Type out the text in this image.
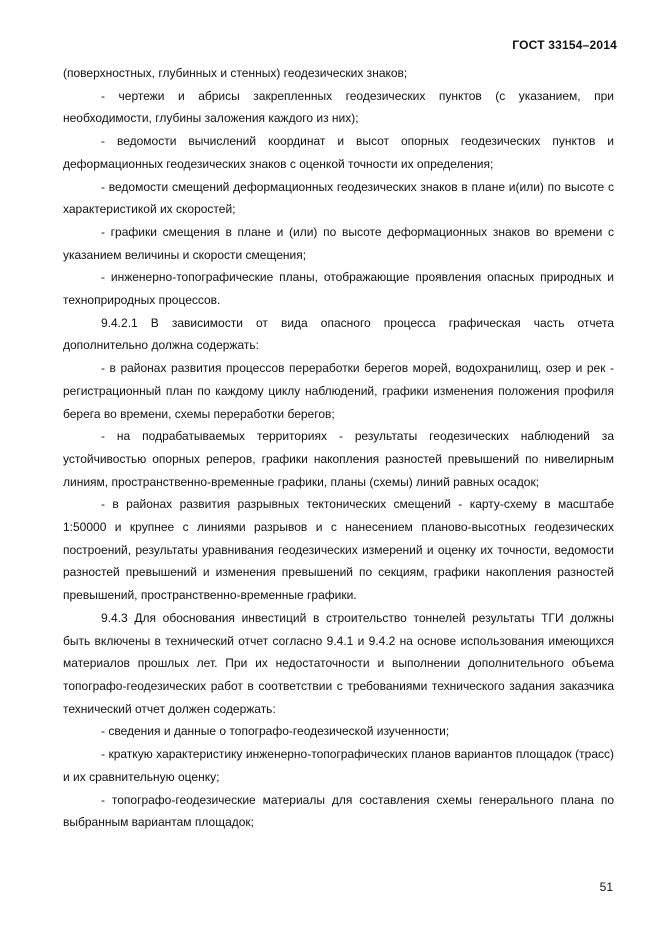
ГОСТ 33154–2014

(поверхностных, глубинных и стенных) геодезических знаков;

- чертежи и абрисы закрепленных геодезических пунктов (с указанием, при необходимости, глубины заложения каждого из них);

- ведомости вычислений координат и высот опорных геодезических пунктов и деформационных геодезических знаков с оценкой точности их определения;

- ведомости смещений деформационных геодезических знаков в плане и(или) по высоте с характеристикой их скоростей;

- графики смещения в плане и (или) по высоте деформационных знаков во времени с указанием величины и скорости смещения;

- инженерно-топографические планы, отображающие проявления опасных природных и техноприродных процессов.

9.4.2.1 В зависимости от вида опасного процесса графическая часть отчета дополнительно должна содержать:

- в районах развития процессов переработки берегов морей, водохранилищ, озер и рек - регистрационный план по каждому циклу наблюдений, графики изменения положения профиля берега во времени, схемы переработки берегов;

- на подрабатываемых территориях - результаты геодезических наблюдений за устойчивостью опорных реперов, графики накопления разностей превышений по нивелирным линиям, пространственно-временные графики, планы (схемы) линий равных осадок;

- в районах развития разрывных тектонических смещений - карту-схему в масштабе 1:50000 и крупнее с линиями разрывов и с нанесением планово-высотных геодезических построений, результаты уравнивания геодезических измерений и оценку их точности, ведомости разностей превышений и изменения превышений по секциям, графики накопления разностей превышений, пространственно-временные графики.

9.4.3 Для обоснования инвестиций в строительство тоннелей результаты ТГИ должны быть включены в технический отчет согласно 9.4.1 и 9.4.2 на основе использования имеющихся материалов прошлых лет. При их недостаточности и выполнении дополнительного объема топографо-геодезических работ в соответствии с требованиями технического задания заказчика технический отчет должен содержать:

- сведения и данные о топографо-геодезической изученности;

- краткую характеристику инженерно-топографических планов вариантов площадок (трасс) и их сравнительную оценку;

- топографо-геодезические материалы для составления схемы генерального плана по выбранным вариантам площадок;

51
